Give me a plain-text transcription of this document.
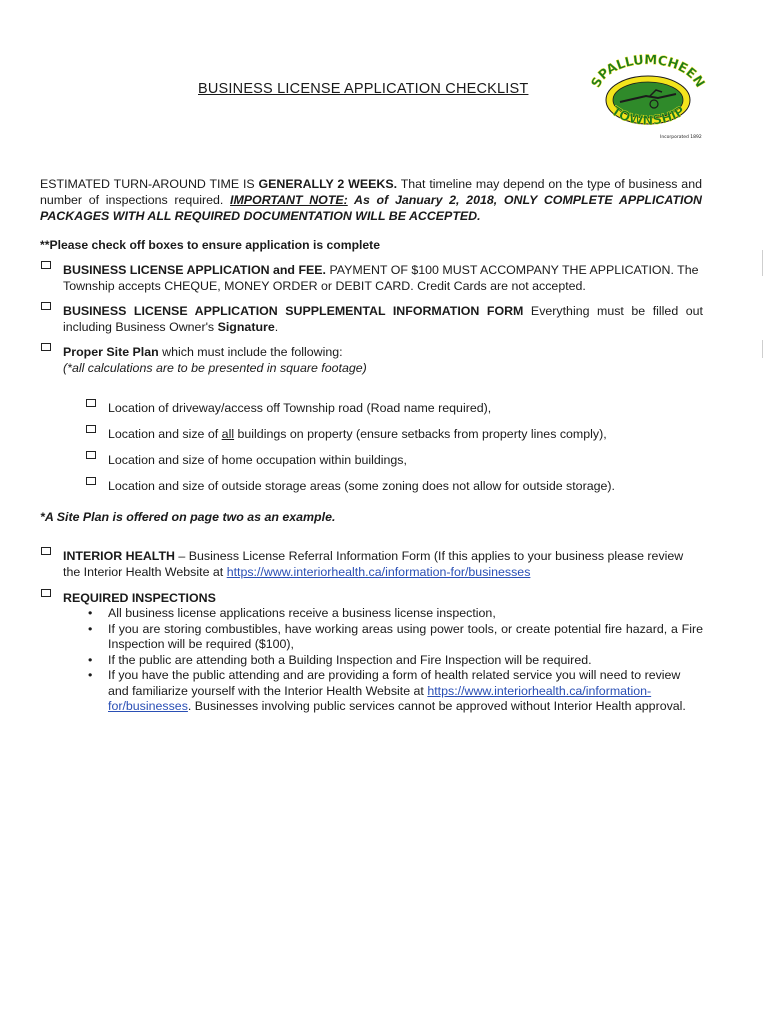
BUSINESS LICENSE APPLICATION CHECKLIST	SPALLUMCHEEN
TOWNSHIP
Incorporated 1892
ESTIMATED TURN-AROUND TIME IS GENERALLY 2 WEEKS. That timeline may depend on the type of business and number of inspections required. IMPORTANT NOTE: As of January 2, 2018, ONLY COMPLETE APPLICATION PACKAGES WITH ALL REQUIRED DOCUMENTATION WILL BE ACCEPTED.
**Please check off boxes to ensure application is complete
BUSINESS LICENSE APPLICATION and FEE. PAYMENT OF $100 MUST ACCOMPANY THE APPLICATION. The Township accepts CHEQUE, MONEY ORDER or DEBIT CARD. Credit Cards are not accepted.
BUSINESS LICENSE APPLICATION SUPPLEMENTAL INFORMATION FORM Everything must be filled out including Business Owner's Signature.
Proper Site Plan which must include the following:
(*all calculations are to be presented in square footage)
Location of driveway/access off Township road (Road name required),
Location and size of all buildings on property (ensure setbacks from property lines comply),
Location and size of home occupation within buildings,
Location and size of outside storage areas (some zoning does not allow for outside storage).
*A Site Plan is offered on page two as an example.
INTERIOR HEALTH – Business License Referral Information Form (If this applies to your business please review the Interior Health Website at https://www.interiorhealth.ca/information-for/businesses
REQUIRED INSPECTIONS
•	All business license applications receive a business license inspection,
•	If you are storing combustibles, have working areas using power tools, or create potential fire hazard, a Fire Inspection will be required ($100),
•	If the public are attending both a Building Inspection and Fire Inspection will be required.
•	If you have the public attending and are providing a form of health related service you will need to review and familiarize yourself with the Interior Health Website at https://www.interiorhealth.ca/information-for/businesses. Businesses involving public services cannot be approved without Interior Health approval.
